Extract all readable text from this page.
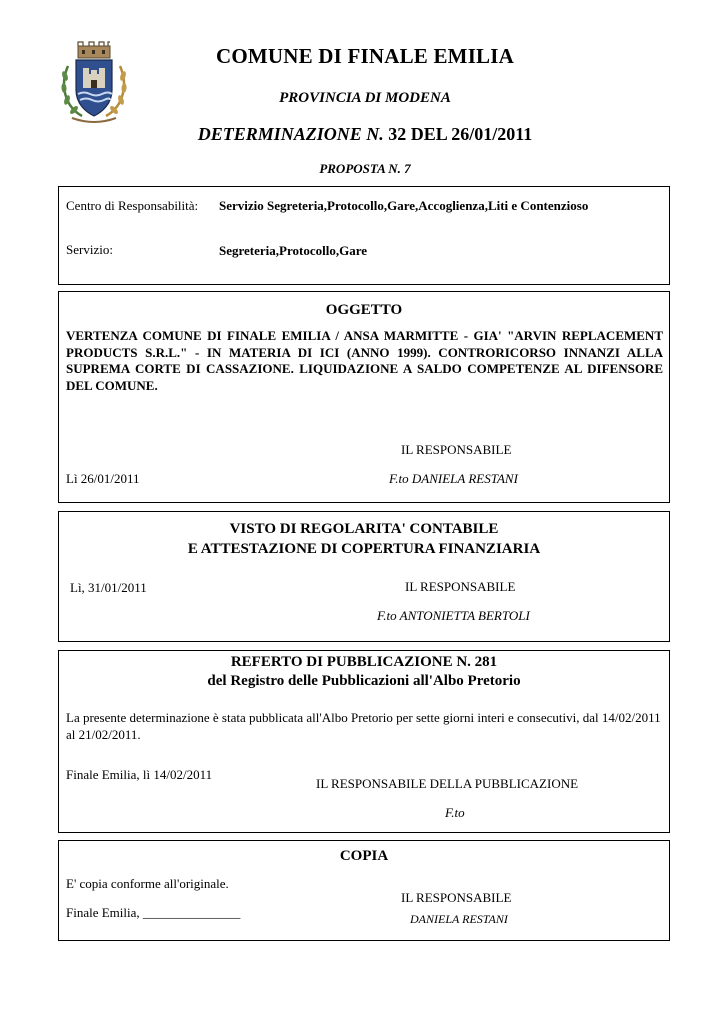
COMUNE DI FINALE EMILIA
PROVINCIA DI MODENA
DETERMINAZIONE N. 32 DEL 26/01/2011
PROPOSTA N. 7
Centro di Responsabilità: Servizio Segreteria,Protocollo,Gare,Accoglienza,Liti e Contenzioso
Servizio:	Segreteria,Protocollo,Gare
OGGETTO
VERTENZA COMUNE DI FINALE EMILIA / ANSA MARMITTE - GIA' "ARVIN REPLACEMENT PRODUCTS S.R.L." - IN MATERIA DI ICI (ANNO 1999). CONTRORICORSO INNANZI ALLA SUPREMA CORTE DI CASSAZIONE. LIQUIDAZIONE A SALDO COMPETENZE AL DIFENSORE DEL COMUNE.
IL RESPONSABILE
Lì 26/01/2011	F.to DANIELA RESTANI
VISTO DI REGOLARITA' CONTABILE
E ATTESTAZIONE DI COPERTURA FINANZIARIA
Lì, 31/01/2011	IL RESPONSABILE
F.to ANTONIETTA BERTOLI
REFERTO DI PUBBLICAZIONE N. 281
del Registro delle Pubblicazioni all'Albo Pretorio
La presente determinazione è stata pubblicata all'Albo Pretorio per sette giorni interi e consecutivi, dal 14/02/2011 al 21/02/2011.
Finale Emilia, lì 14/02/2011
IL RESPONSABILE DELLA PUBBLICAZIONE
F.to
COPIA
E' copia conforme all'originale.
IL RESPONSABILE
Finale Emilia, _______________	DANIELA RESTANI
